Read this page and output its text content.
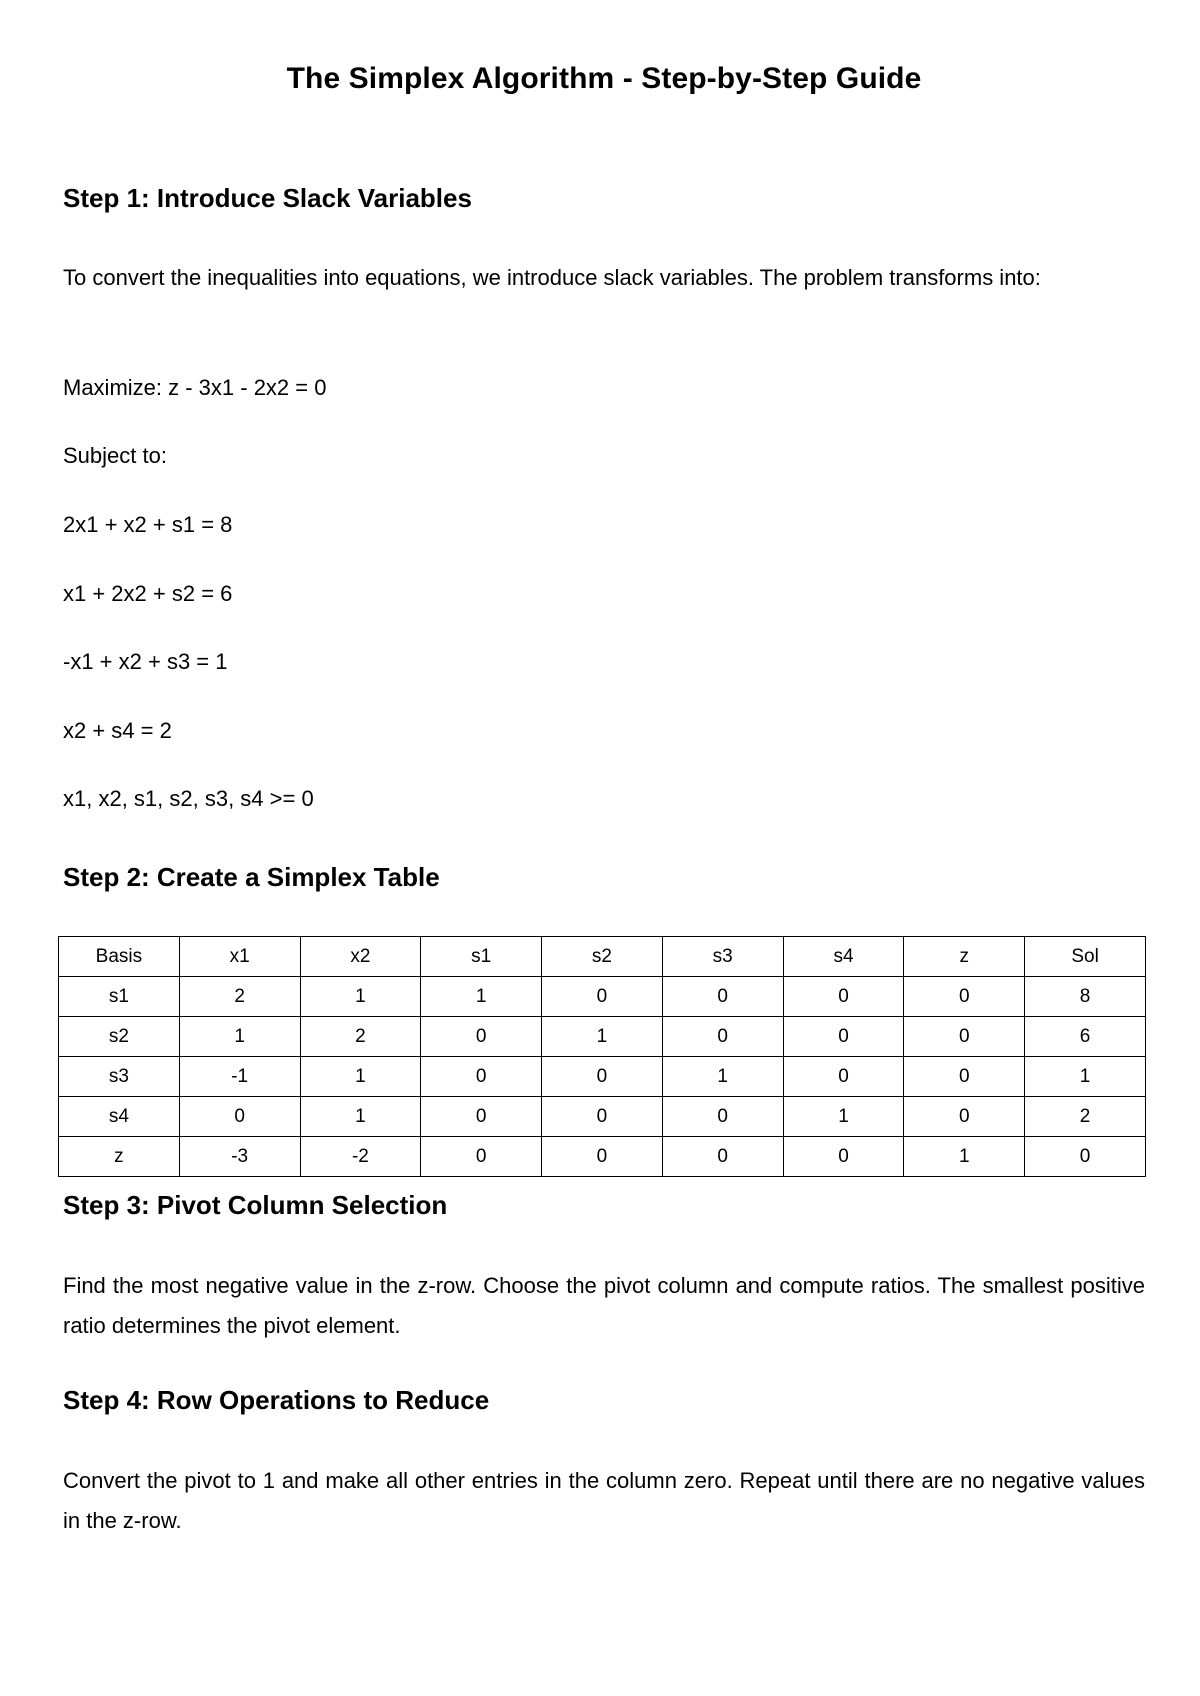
The Simplex Algorithm - Step-by-Step Guide
Step 1: Introduce Slack Variables

To convert the inequalities into equations, we introduce slack variables. The problem transforms into:

Maximize: z - 3x1 - 2x2 = 0

Subject to:

2x1 + x2 + s1 = 8

x1 + 2x2 + s2 = 6

-x1 + x2 + s3 = 1

x2 + s4 = 2

x1, x2, s1, s2, s3, s4 >= 0

Step 2: Create a Simplex Table
Basis	x1	x2	s1	s2	s3	s4	z	Sol
s1	2	1	1	0	0	0	0	8
s2	1	2	0	1	0	0	0	6
s3	-1	1	0	0	1	0	0	1
s4	0	1	0	0	0	1	0	2
z	-3	-2	0	0	0	0	1	0
Step 3: Pivot Column Selection

Find the most negative value in the z-row. Choose the pivot column and compute ratios. The smallest positive ratio determines the pivot element.

Step 4: Row Operations to Reduce

Convert the pivot to 1 and make all other entries in the column zero. Repeat until there are no negative values in the z-row.
